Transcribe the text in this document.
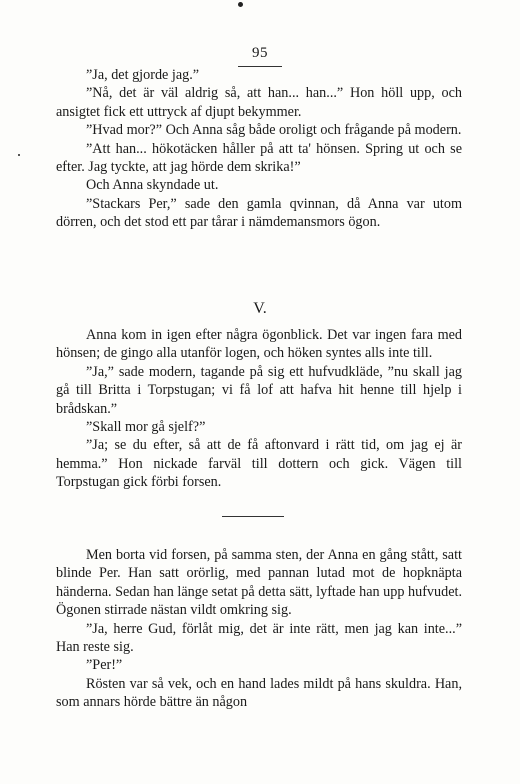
95

”Ja, det gjorde jag.”

”Nå, det är väl aldrig så, att han... han...” Hon höll upp, och ansigtet fick ett uttryck af djupt bekymmer.

”Hvad mor?” Och Anna såg både oroligt och frågande på modern.

”Att han... hökotäcken håller på att ta' hönsen. Spring ut och se efter. Jag tyckte, att jag hörde dem skrika!”

Och Anna skyndade ut.

”Stackars Per,” sade den gamla qvinnan, då Anna var utom dörren, och det stod ett par tårar i nämdemansmors ögon.

V.

Anna kom in igen efter några ögonblick. Det var ingen fara med hönsen; de gingo alla utanför logen, och höken syntes alls inte till.

”Ja,” sade modern, tagande på sig ett hufvudkläde, ”nu skall jag gå till Britta i Torpstugan; vi få lof att hafva hit henne till hjelp i brådskan.”

”Skall mor gå sjelf?”

”Ja; se du efter, så att de få aftonvard i rätt tid, om jag ej är hemma.” Hon nickade farväl till dottern och gick. Vägen till Torpstugan gick förbi forsen.

Men borta vid forsen, på samma sten, der Anna en gång stått, satt blinde Per. Han satt orörlig, med pannan lutad mot de hopknäpta händerna. Sedan han länge setat på detta sätt, lyftade han upp hufvudet. Ögonen stirrade nästan vildt omkring sig.

”Ja, herre Gud, förlåt mig, det är inte rätt, men jag kan inte...” Han reste sig.

”Per!”

Rösten var så vek, och en hand lades mildt på hans skuldra. Han, som annars hörde bättre än någon
